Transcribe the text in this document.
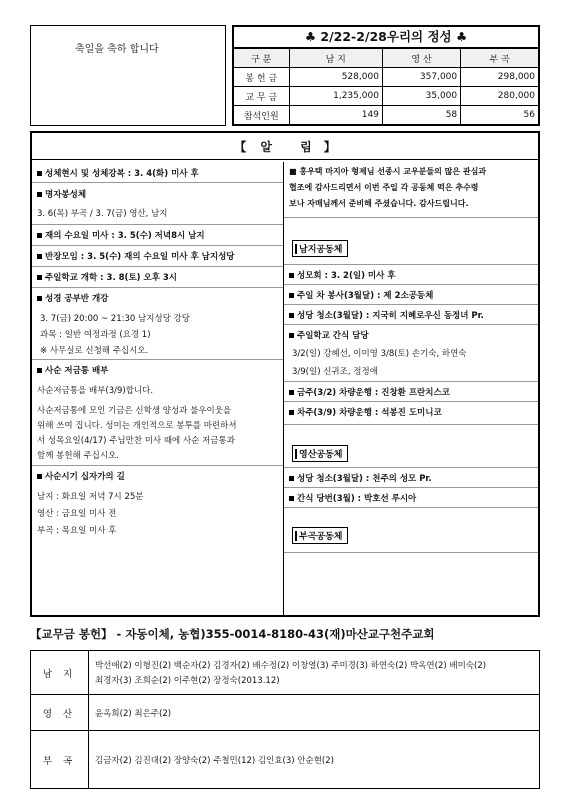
축일을 축하 합니다
♣ 2/22-2/28우리의 정성 ♣
구 분	남 지	영 산	부 곡
봉 헌 금	528,000	357,000	298,000
교 무 금	1,235,000	35,000	280,000
참석인원	149	58	56
【	알 림 】
성체현시 및 성체강복 : 3. 4(화) 미사 후
명자봉성체
3. 6(목) 부곡 / 3. 7(금) 영산, 남지
재의 수요일 미사 : 3. 5(수) 저녁8시 남지
반장모임 : 3. 5(수) 재의 수요일 미사 후 남지성당
주일학교 개학 : 3. 8(토) 오후 3시
성경 공부반 개강
3. 7(금) 20:00 ~ 21:30 남지성당 강당
과목 : 일반 여정과정 (요경 1)
※ 사무실로 신청해 주십시오.
사순 저금통 배부
사순저금통을 배부(3/9)합니다.
사순저금통에 모인 기금은 신학생 양성과 불우이웃을
위해 쓰여 집니다. 성미는 개인적으로 봉투를 마련하셔
서 성목요일(4/17) 주님만찬 미사 때에 사순 저금통과
함께 봉헌해 주십시오.
사순시기 십자가의 길
남지 : 화요일 저녁 7시 25분
영산 : 금요일 미사 전
부곡 : 목요일 미사 후
■ 홍우택 마지아 형제님 선종시 교우분들의 많은 관심과
협조에 감사드리면서 이번 주일 각 공동체 떡은 추수령
보나 자매님께서 준비해 주셨습니다. 감사드립니다.
남지공동체
성모회 : 3. 2(일) 미사 후
주일 차 봉사(3월달) : 제 2소공동체
성당 청소(3월달) : 지국히 지혜로우신 동정녀 Pr.
주일학교 간식 담당
3/2(일) 강혜선, 이미영 3/8(토) 손기숙, 하연숙
3/9(일) 신귀조, 정정애
금주(3/2) 차량운행 : 진창환 프란치스코
차주(3/9) 차량운행 : 석봉진 도미니코
영산공동체
성당 청소(3월달) : 천주의 성모 Pr.
간식 당번(3월) : 박호선 루시아
부곡공동체
【교무금 봉헌】 - 자동이체, 농협)355-0014-8180-43(재)마산교구천주교회
남 지	박선애(2) 이형진(2) 백순자(2) 김경자(2) 배수정(2) 이창열(3) 주미경(3) 하연숙(2) 박옥연(2) 배미숙(2)
최경자(3) 조희순(2) 이주현(2) 장정숙(2013.12)

영 산	윤옥희(2) 최은주(2)

부 곡	김금자(2) 김진대(2) 장양숙(2) 주철민(12) 김인효(3) 안순현(2)
